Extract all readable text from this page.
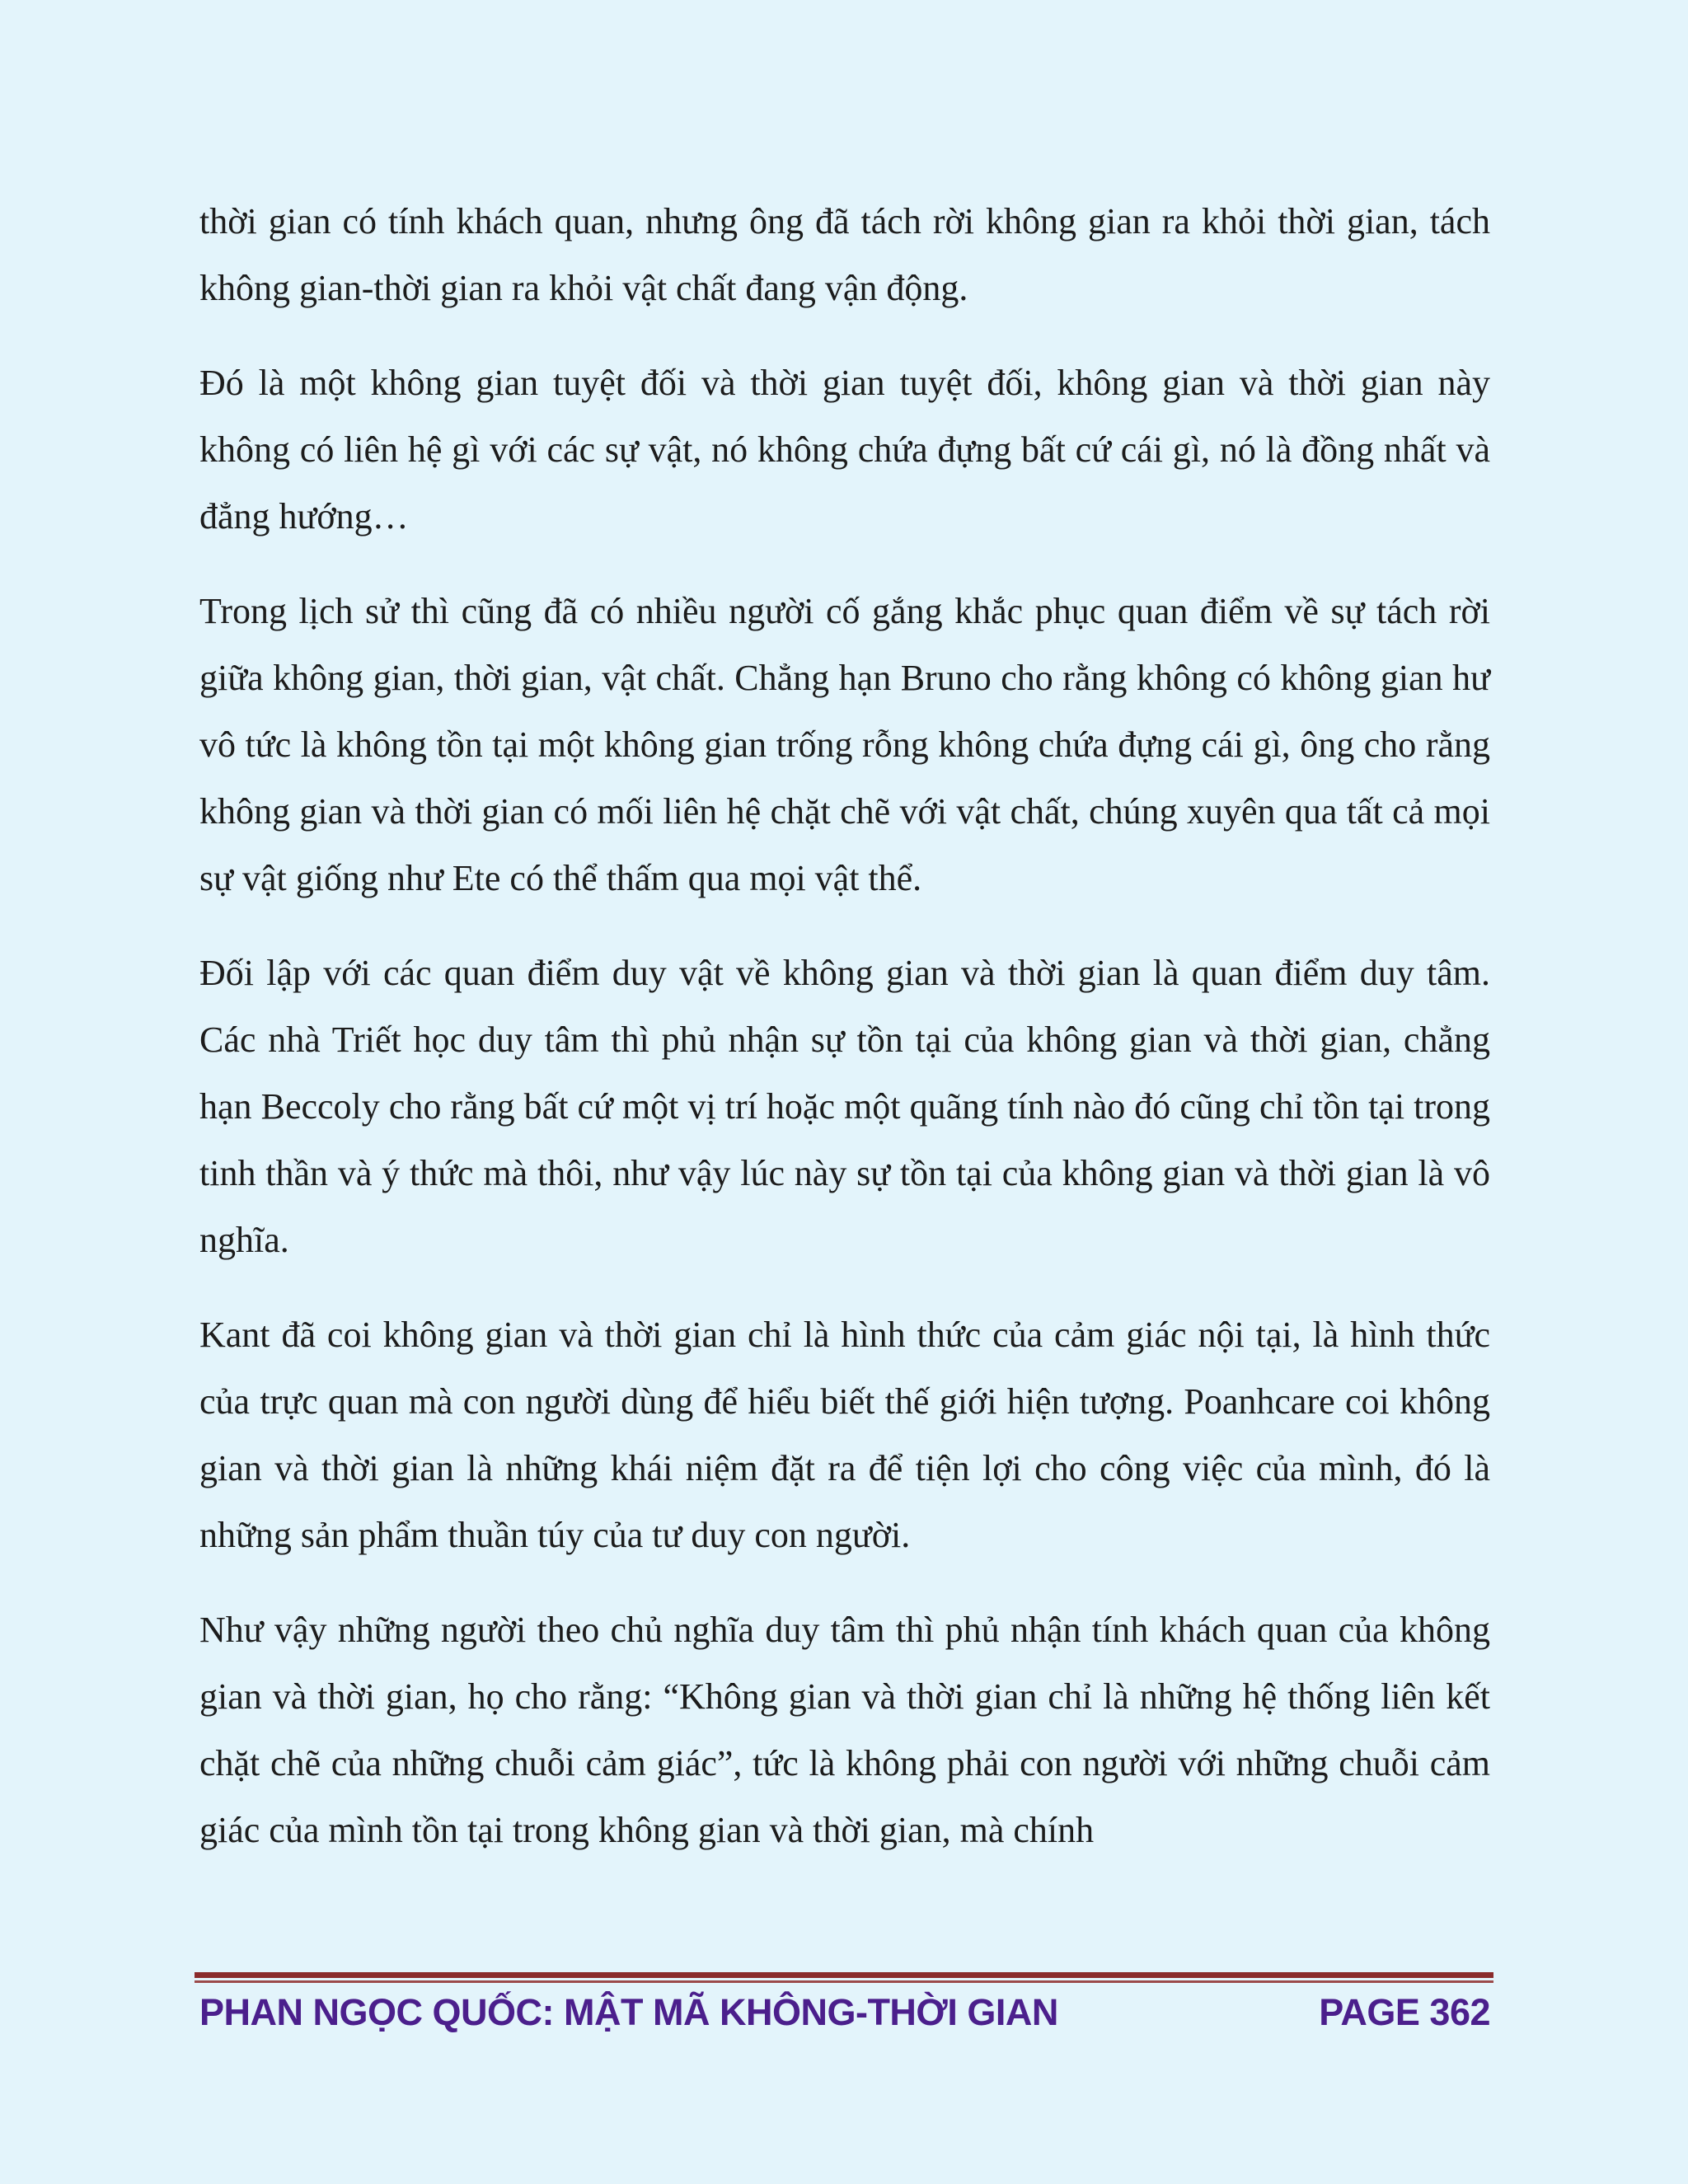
thời gian có tính khách quan, nhưng ông đã tách rời không gian ra khỏi thời gian, tách không gian-thời gian ra khỏi vật chất đang vận động.

Đó là một không gian tuyệt đối và thời gian tuyệt đối, không gian và thời gian này không có liên hệ gì với các sự vật, nó không chứa đựng bất cứ cái gì, nó là đồng nhất và đẳng hướng…

Trong lịch sử thì cũng đã có nhiều người cố gắng khắc phục quan điểm về sự tách rời giữa không gian, thời gian, vật chất. Chẳng hạn Bruno cho rằng không có không gian hư vô tức là không tồn tại một không gian trống rỗng không chứa đựng cái gì, ông cho rằng không gian và thời gian có mối liên hệ chặt chẽ với vật chất, chúng xuyên qua tất cả mọi sự vật giống như Ete có thể thấm qua mọi vật thể.

Đối lập với các quan điểm duy vật về không gian và thời gian là quan điểm duy tâm. Các nhà Triết học duy tâm thì phủ nhận sự tồn tại của không gian và thời gian, chẳng hạn Beccoly cho rằng bất cứ một vị trí hoặc một quãng tính nào đó cũng chỉ tồn tại trong tinh thần và ý thức mà thôi, như vậy lúc này sự tồn tại của không gian và thời gian là vô nghĩa.

Kant đã coi không gian và thời gian chỉ là hình thức của cảm giác nội tại, là hình thức của trực quan mà con người dùng để hiểu biết thế giới hiện tượng. Poanhcare coi không gian và thời gian là những khái niệm đặt ra để tiện lợi cho công việc của mình, đó là những sản phẩm thuần túy của tư duy con người.

Như vậy những người theo chủ nghĩa duy tâm thì phủ nhận tính khách quan của không gian và thời gian, họ cho rằng: “Không gian và thời gian chỉ là những hệ thống liên kết chặt chẽ của những chuỗi cảm giác”, tức là không phải con người với những chuỗi cảm giác của mình tồn tại trong không gian và thời gian, mà chính

PHAN NGỌC QUỐC: MẬT MÃ KHÔNG-THỜI GIAN	PAGE 362
